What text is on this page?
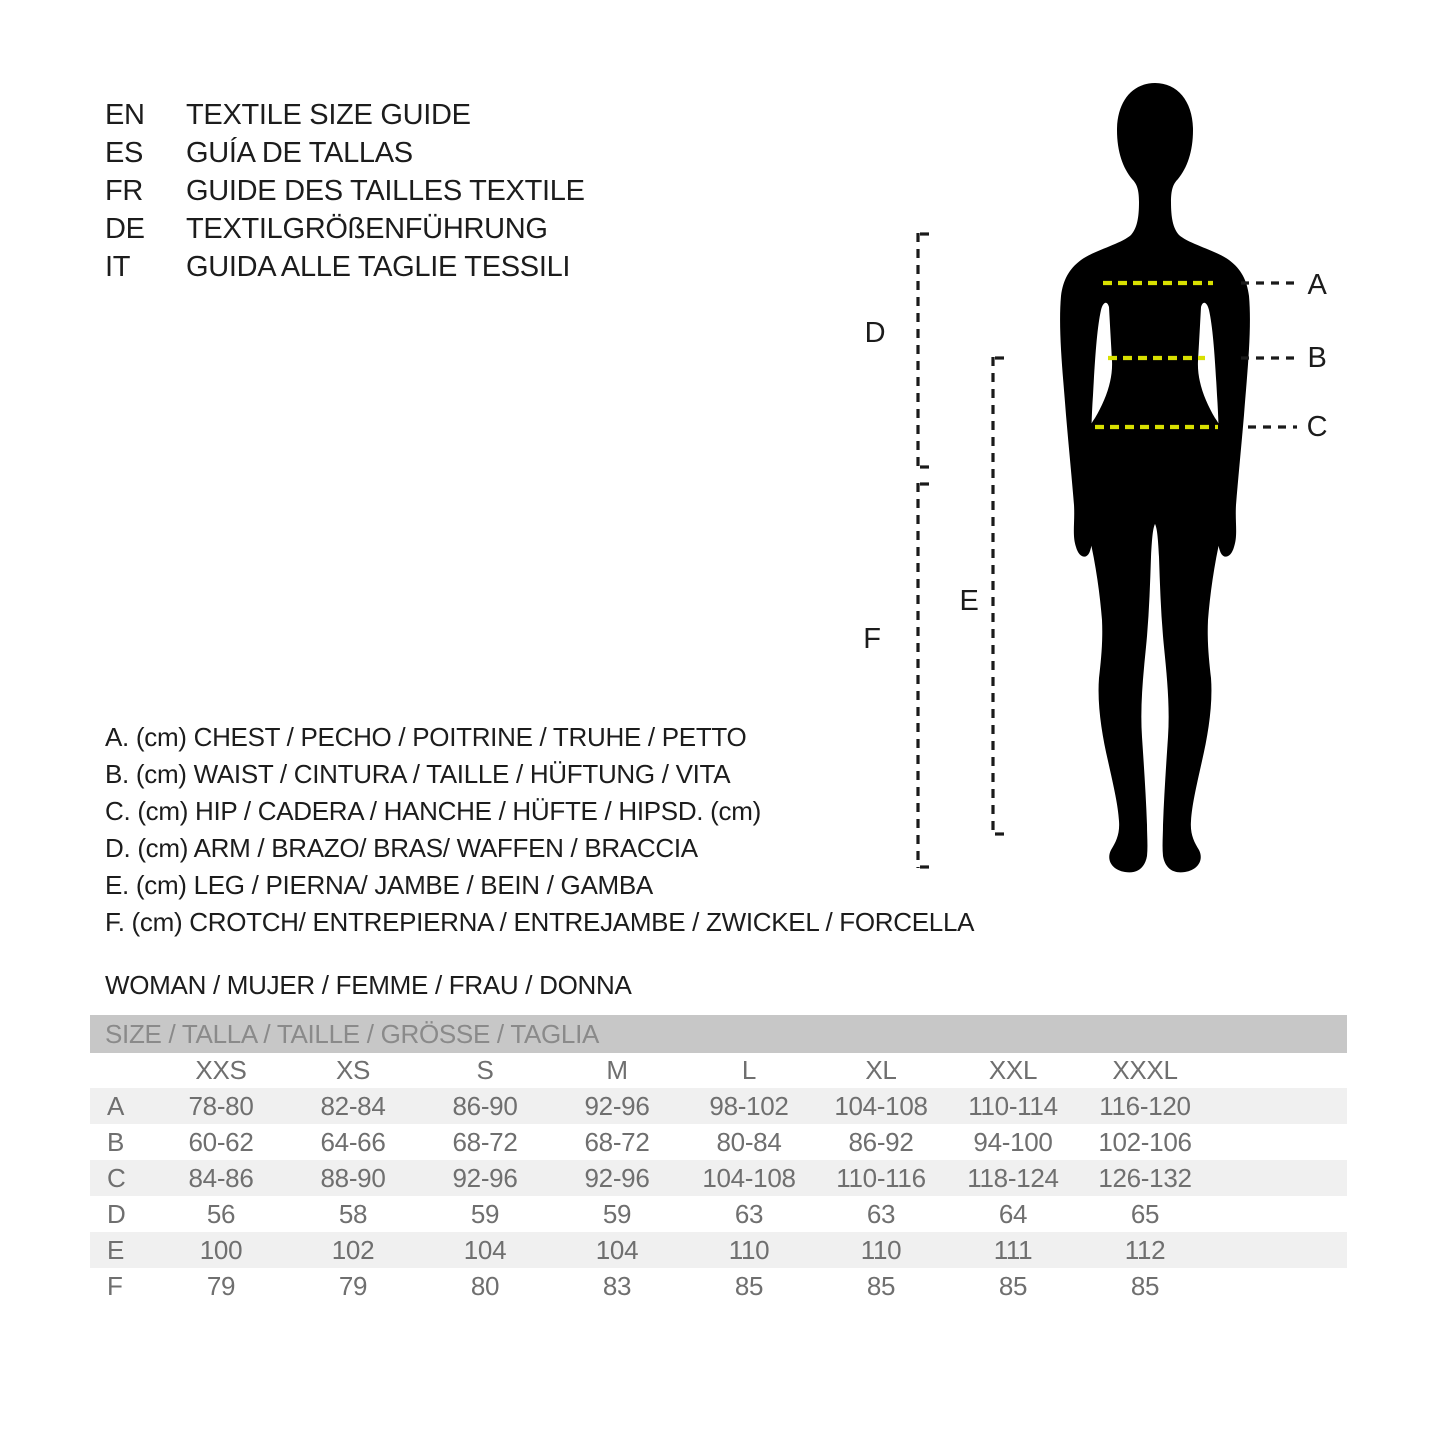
EN	TEXTILE SIZE GUIDE
ES	GUÍA DE TALLAS
FR	GUIDE DES TAILLES TEXTILE
DE	TEXTILGRÖßENFÜHRUNG
IT	GUIDA ALLE TAGLIE TESSILI
A
B
C
D
E
F
A. (cm) CHEST / PECHO / POITRINE / TRUHE / PETTO
B. (cm) WAIST / CINTURA / TAILLE / HÜFTUNG / VITA
C. (cm) HIP / CADERA / HANCHE / HÜFTE / HIPSD. (cm)
D. (cm) ARM / BRAZO/ BRAS/ WAFFEN / BRACCIA
E. (cm) LEG / PIERNA/ JAMBE / BEIN / GAMBA
F. (cm) CROTCH/ ENTREPIERNA / ENTREJAMBE / ZWICKEL / FORCELLA
WOMAN / MUJER / FEMME / FRAU / DONNA
SIZE / TALLA / TAILLE / GRÖSSE / TAGLIA
	XXS	XS	S	M	L	XL	XXL	XXXL	
A	78-80	82-84	86-90	92-96	98-102	104-108	110-114	116-120	
B	60-62	64-66	68-72	68-72	80-84	86-92	94-100	102-106	
C	84-86	88-90	92-96	92-96	104-108	110-116	118-124	126-132	
D	56	58	59	59	63	63	64	65	
E	100	102	104	104	110	110	111	112	
F	79	79	80	83	85	85	85	85	
